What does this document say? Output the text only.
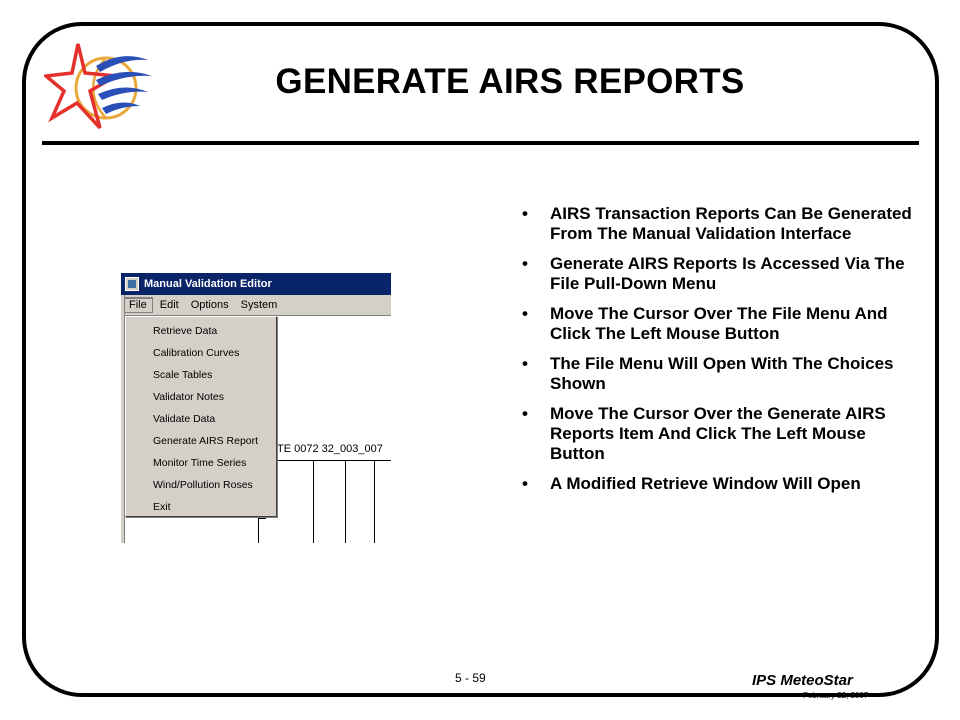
GENERATE AIRS REPORTS
Manual Validation Editor
File	Edit	Options	System
TE 0072 32_003_007
Retrieve Data
Calibration Curves
Scale Tables
Validator Notes
Validate Data
Generate AIRS Report
Monitor Time Series
Wind/Pollution Roses
Exit
• AIRS Transaction Reports Can Be Generated From The Manual Validation Interface
• Generate AIRS Reports Is Accessed Via The File Pull-Down Menu
• Move The Cursor Over The File Menu And Click The Left Mouse Button
• The File Menu Will Open With The Choices Shown
• Move The Cursor Over the Generate AIRS Reports Item And Click The Left Mouse Button
• A Modified Retrieve Window Will Open
5 - 59	IPS MeteoStar
February 22, 2007
